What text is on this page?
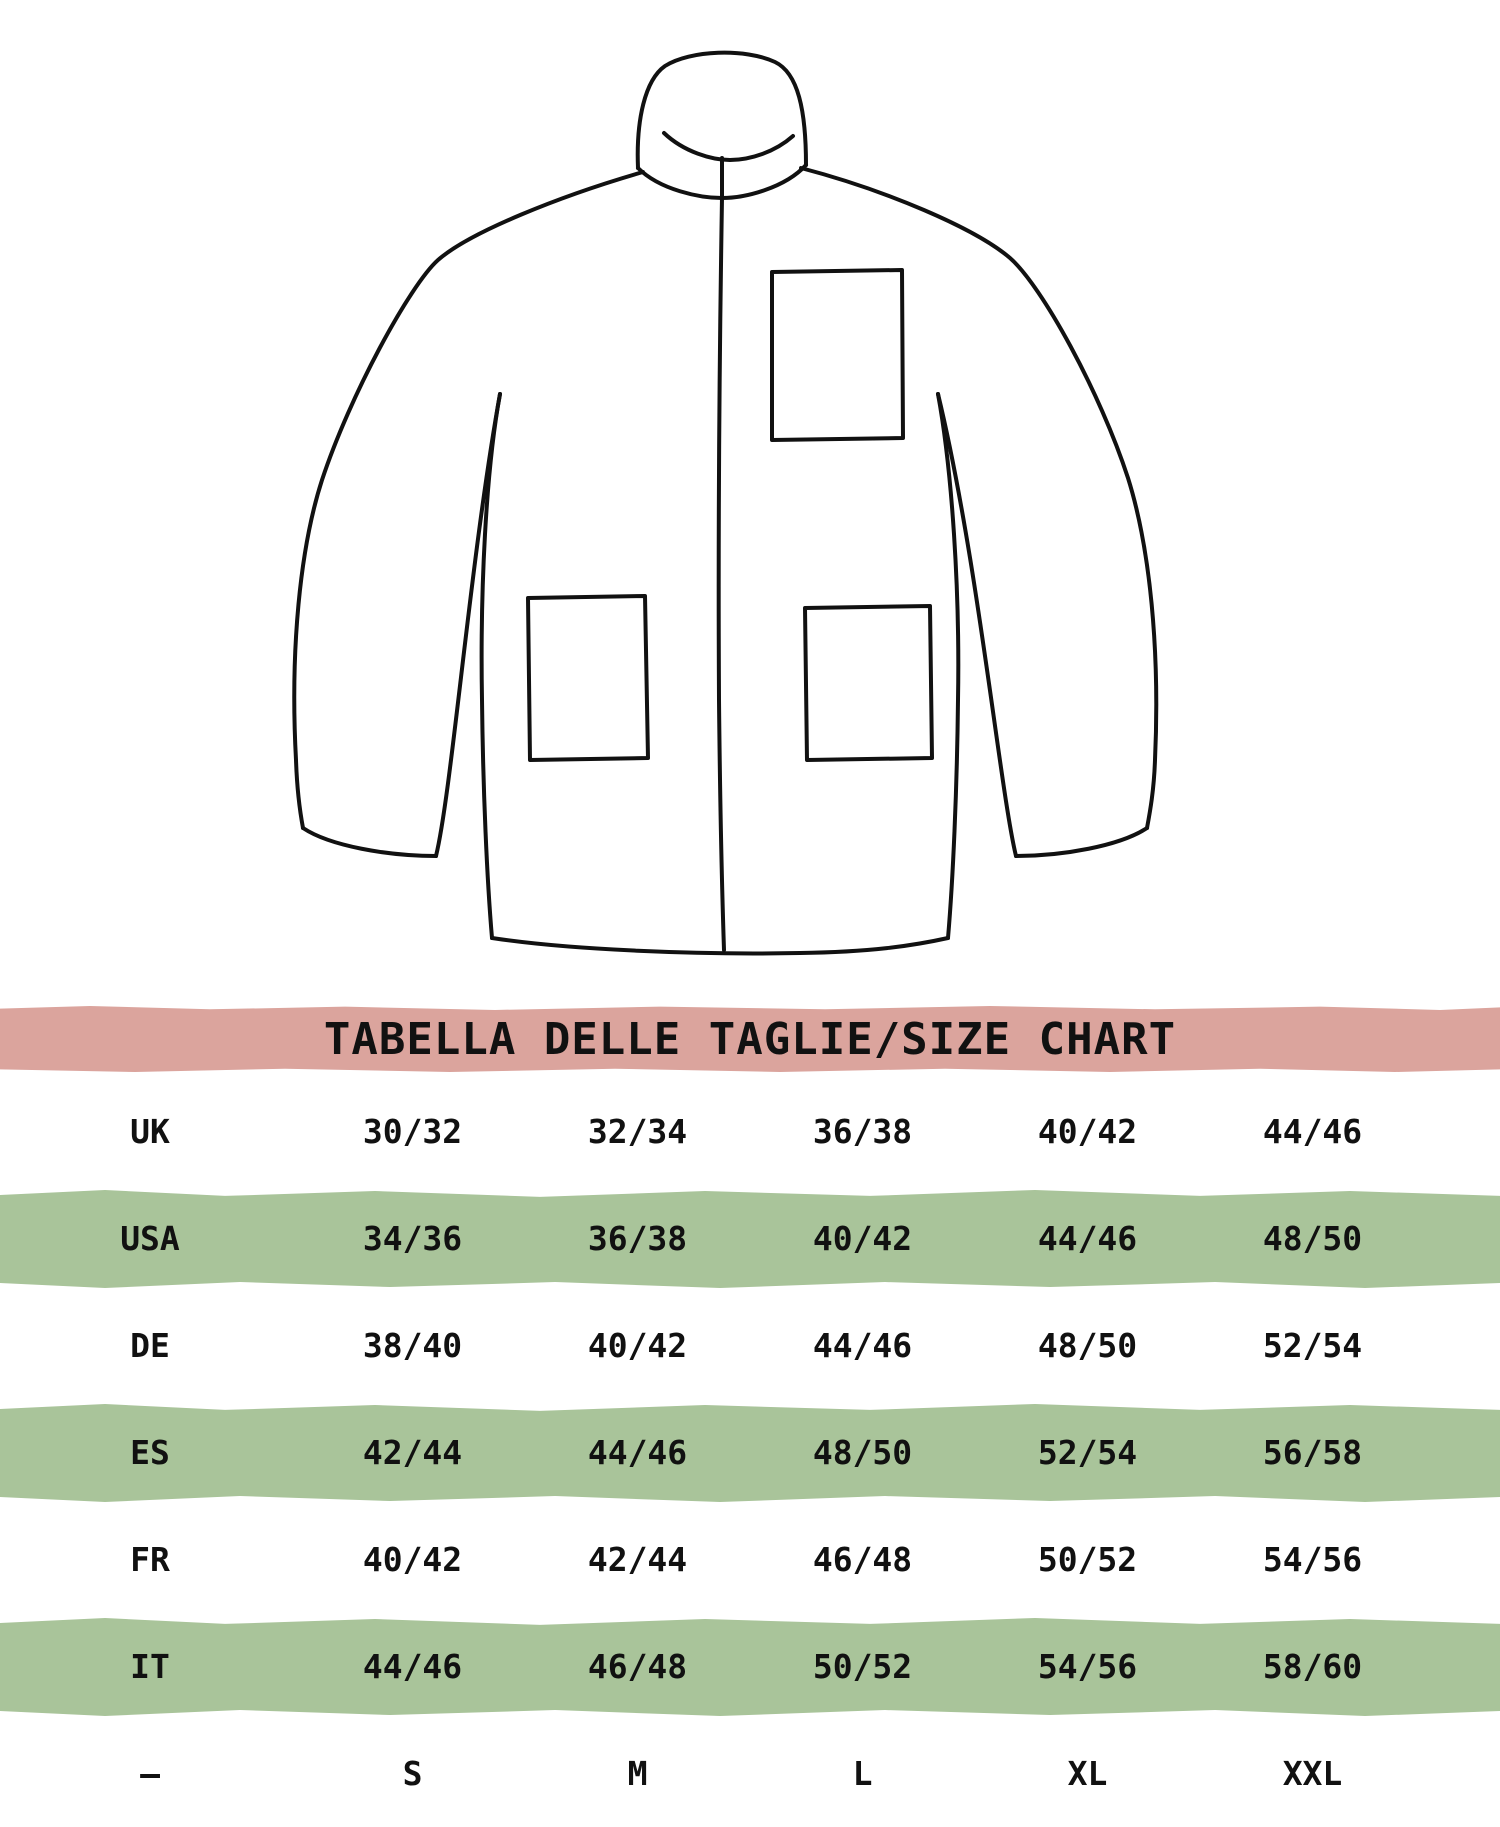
TABELLA DELLE TAGLIE/SIZE CHART
UK	30/32	32/34	36/38	40/42	44/46
USA	34/36	36/38	40/42	44/46	48/50
DE	38/40	40/42	44/46	48/50	52/54
ES	42/44	44/46	48/50	52/54	56/58
FR	40/42	42/44	46/48	50/52	54/56
IT	44/46	46/48	50/52	54/56	58/60
–	S	M	L	XL	XXL
